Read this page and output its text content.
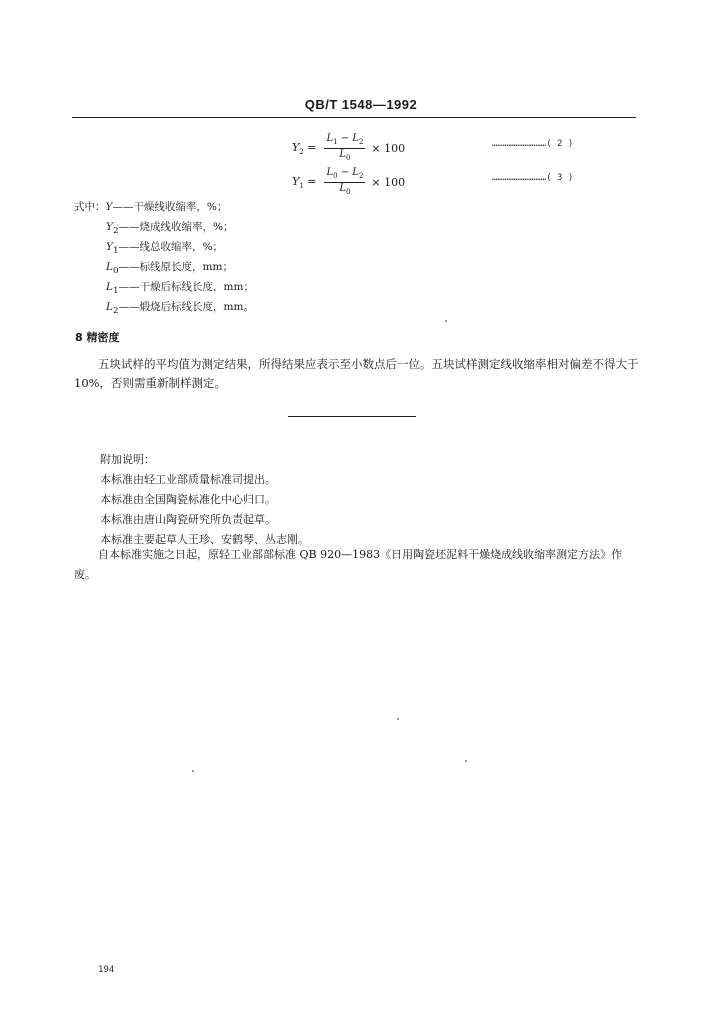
QB/T 1548—1992
$Y_2 = \frac{L_1 - L_2}{L_0} \times 100$	…………………………( 2 )
$Y_1 = \frac{L_0 - L_2}{L_0} \times 100$	…………………………( 3 )
式中：Y——干燥线收缩率，%；
$Y_2——$烧成线收缩率，%；
$Y_1——$线总收缩率，%；
$L_0——$标线原长度，mm；
$L_1——$干燥后标线长度，mm；
$L_2——$煅烧后标线长度，mm。
8 精密度
五块试样的平均值为测定结果，所得结果应表示至小数点后一位。五块试样测定线收缩率相对偏差不得大于10%，否则需重新制样测定。
附加说明：
本标准由轻工业部质量标准司提出。
本标准由全国陶瓷标准化中心归口。
本标准由唐山陶瓷研究所负责起草。
本标准主要起草人王珍、安鹤琴、丛志刚。
自本标准实施之日起，原轻工业部部标准 QB 920—1983《日用陶瓷坯泥料干燥烧成线收缩率测定方法》作废。
194
